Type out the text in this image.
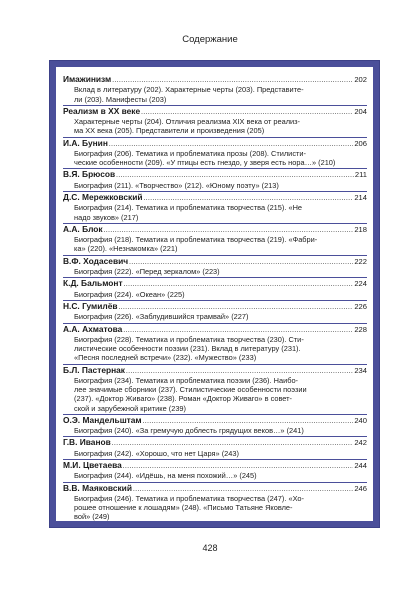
Содержание
Имажинизм .....	202
Вклад в литературу (202). Характерные черты (203). Представите-
ли (203). Манифесты (203)
Реализм в XX веке .....	204
Характерные черты (204). Отличия реализма XIX века от реализ-
ма XX века (205). Представители и произведения (205)
И.А. Бунин .....	206
Биография (206). Тематика и проблематика прозы (208). Стилисти-
ческие особенности (209). «У птицы есть гнездо, у зверя есть нора…» (210)
В.Я. Брюсов .....	211
Биография (211). «Творчество» (212). «Юному поэту» (213)
Д.С. Мережковский .....	214
Биография (214). Тематика и проблематика творчества (215). «Не
надо звуков» (217)
А.А. Блок .....	218
Биография (218). Тематика и проблематика творчества (219). «Фабри-
ка» (220). «Незнакомка» (221)
В.Ф. Ходасевич .....	222
Биография (222). «Перед зеркалом» (223)
К.Д. Бальмонт .....	224
Биография (224). «Океан» (225)
Н.С. Гумилёв .....	226
Биография (226). «Заблудившийся трамвай» (227)
А.А. Ахматова .....	228
Биография (228). Тематика и проблематика творчества (230). Сти-
листические особенности поэзии (231). Вклад в литературу (231).
«Песня последней встречи» (232). «Мужество» (233)
Б.Л. Пастернак .....	234
Биография (234). Тематика и проблематика поэзии (236). Наибо-
лее значимые сборники (237). Стилистические особенности поэзии
(237). «Доктор Живаго» (238). Роман «Доктор Живаго» в совет-
ской и зарубежной критике (239)
О.Э. Мандельштам .....	240
Биография (240). «За гремучую доблесть грядущих веков…» (241)
Г.В. Иванов .....	242
Биография (242). «Хорошо, что нет Царя» (243)
М.И. Цветаева .....	244
Биография (244). «Идёшь, на меня похожий…» (245)
В.В. Маяковский .....	246
Биография (246). Тематика и проблематика творчества (247). «Хо-
рошее отношение к лошадям» (248). «Письмо Татьяне Яковле-
вой» (249)
428
